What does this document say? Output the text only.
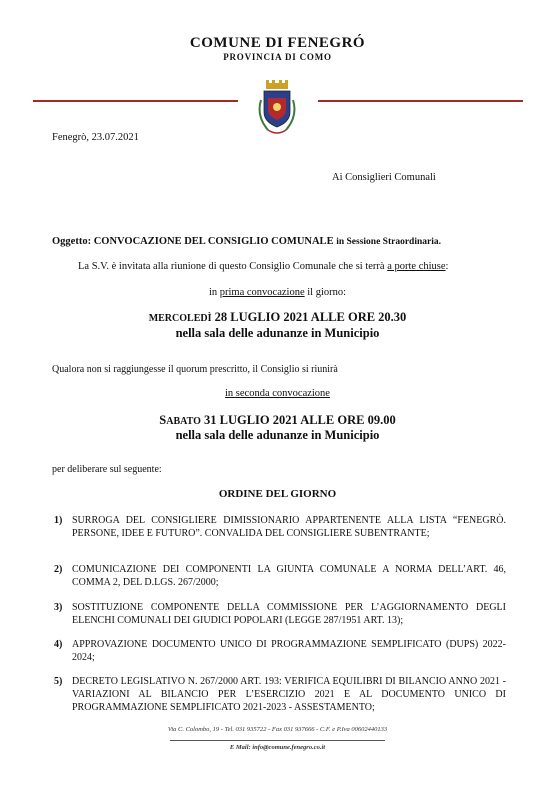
COMUNE DI FENEGRÓ
PROVINCIA DI COMO
Fenegrò, 23.07.2021
Ai Consiglieri Comunali
Oggetto: CONVOCAZIONE DEL CONSIGLIO COMUNALE in Sessione Straordinaria.
La S.V. è invitata alla riunione di questo Consiglio Comunale che si terrà a porte chiuse:
in prima convocazione il giorno:
MERCOLEDÌ 28 LUGLIO 2021 ALLE ORE 20.30
nella sala delle adunanze in Municipio
Qualora non si raggiungesse il quorum prescritto, il Consiglio si riunirà
in seconda convocazione
SABATO 31 LUGLIO 2021 ALLE ORE 09.00
nella sala delle adunanze in Municipio
per deliberare sul seguente:
ORDINE DEL GIORNO
1) SURROGA DEL CONSIGLIERE DIMISSIONARIO APPARTENENTE ALLA LISTA “FENEGRÒ. PERSONE, IDEE E FUTURO”. CONVALIDA DEL CONSIGLIERE SUBENTRANTE;
2) COMUNICAZIONE DEI COMPONENTI LA GIUNTA COMUNALE A NORMA DELL’ART. 46, COMMA 2, DEL D.LGS. 267/2000;
3) SOSTITUZIONE COMPONENTE DELLA COMMISSIONE PER L’AGGIORNAMENTO DEGLI ELENCHI COMUNALI DEI GIUDICI POPOLARI (LEGGE 287/1951 ART. 13);
4) APPROVAZIONE DOCUMENTO UNICO DI PROGRAMMAZIONE SEMPLIFICATO (DUPS) 2022-2024;
5) DECRETO LEGISLATIVO N. 267/2000 ART. 193: VERIFICA EQUILIBRI DI BILANCIO ANNO 2021 - VARIAZIONI AL BILANCIO PER L’ESERCIZIO 2021 E AL DOCUMENTO UNICO DI PROGRAMMAZIONE SEMPLIFICATO 2021-2023 - ASSESTAMENTO;
Via C. Colombo, 19 - Tel. 031 935722 - Fax 031 937666 - C.F. e P.Iva 00602440133
E Mail: info@comune.fenegro.co.it
